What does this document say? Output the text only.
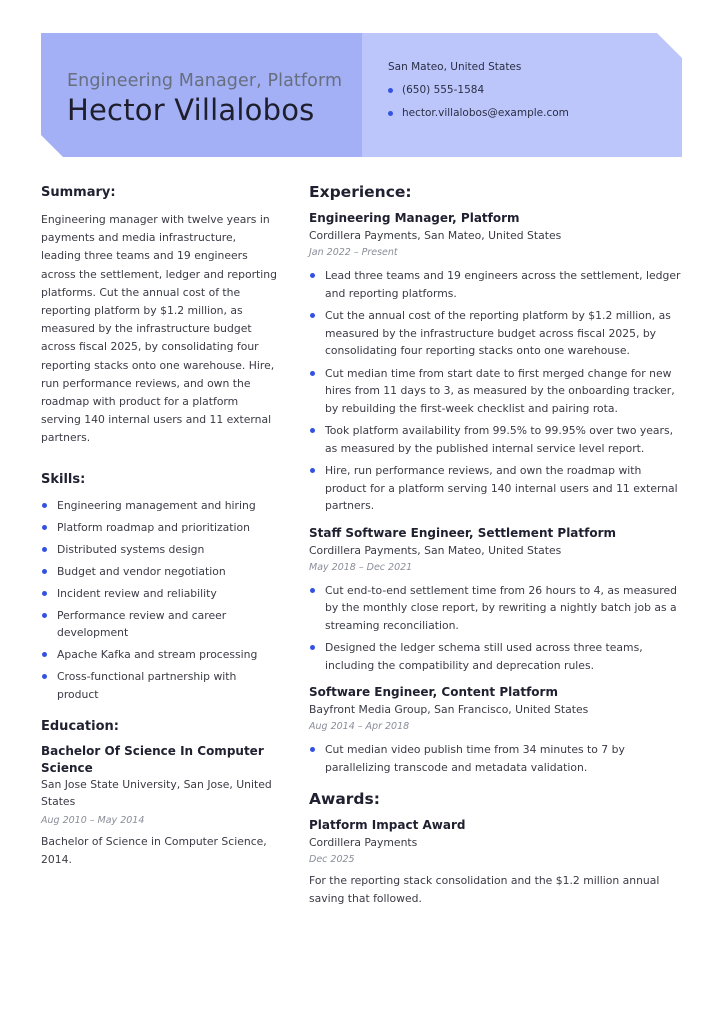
Engineering Manager, Platform
Hector Villalobos
San Mateo, United States
(650) 555-1584
hector.villalobos@example.com
Summary:
Engineering manager with twelve years in payments and media infrastructure, leading three teams and 19 engineers across the settlement, ledger and reporting platforms. Cut the annual cost of the reporting platform by $1.2 million, as measured by the infrastructure budget across fiscal 2025, by consolidating four reporting stacks onto one warehouse. Hire, run performance reviews, and own the roadmap with product for a platform serving 140 internal users and 11 external partners.
Skills:
Engineering management and hiring
Platform roadmap and prioritization
Distributed systems design
Budget and vendor negotiation
Incident review and reliability
Performance review and career development
Apache Kafka and stream processing
Cross-functional partnership with product
Education:
Bachelor Of Science In Computer Science
San Jose State University, San Jose, United States
Aug 2010 – May 2014
Bachelor of Science in Computer Science, 2014.
Experience:
Engineering Manager, Platform
Cordillera Payments, San Mateo, United States
Jan 2022 – Present
Lead three teams and 19 engineers across the settlement, ledger and reporting platforms.
Cut the annual cost of the reporting platform by $1.2 million, as measured by the infrastructure budget across fiscal 2025, by consolidating four reporting stacks onto one warehouse.
Cut median time from start date to first merged change for new hires from 11 days to 3, as measured by the onboarding tracker, by rebuilding the first-week checklist and pairing rota.
Took platform availability from 99.5% to 99.95% over two years, as measured by the published internal service level report.
Hire, run performance reviews, and own the roadmap with product for a platform serving 140 internal users and 11 external partners.
Staff Software Engineer, Settlement Platform
Cordillera Payments, San Mateo, United States
May 2018 – Dec 2021
Cut end-to-end settlement time from 26 hours to 4, as measured by the monthly close report, by rewriting a nightly batch job as a streaming reconciliation.
Designed the ledger schema still used across three teams, including the compatibility and deprecation rules.
Software Engineer, Content Platform
Bayfront Media Group, San Francisco, United States
Aug 2014 – Apr 2018
Cut median video publish time from 34 minutes to 7 by parallelizing transcode and metadata validation.
Awards:
Platform Impact Award
Cordillera Payments
Dec 2025
For the reporting stack consolidation and the $1.2 million annual saving that followed.
